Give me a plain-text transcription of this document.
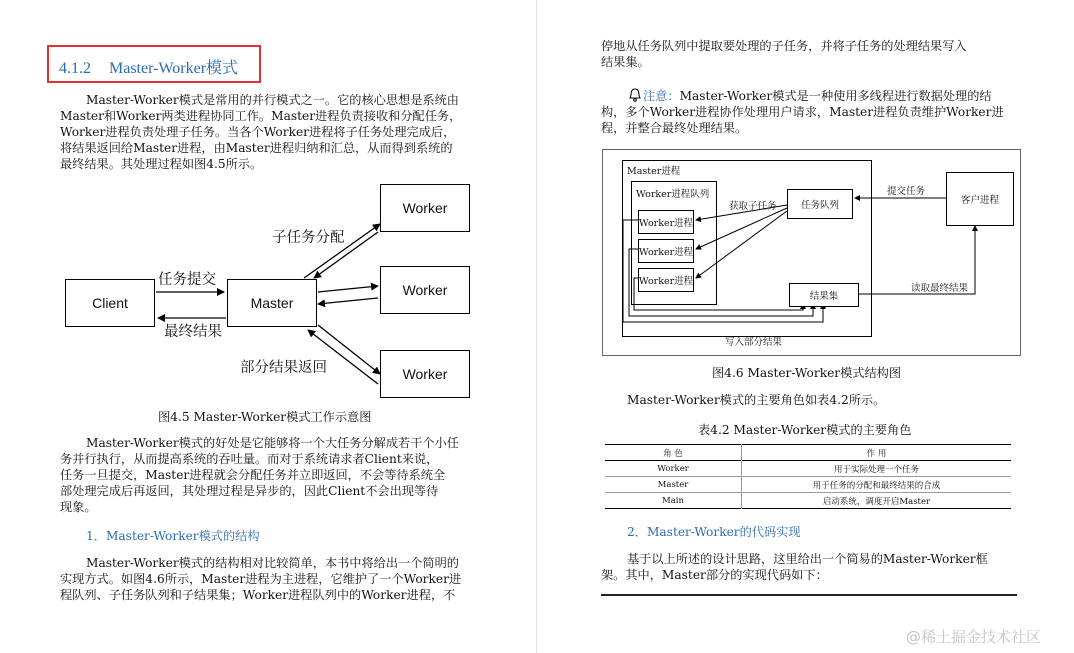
4.1.2 Master-Worker模式
Master-Worker模式是常用的并行模式之一。它的核心思想是系统由
Master和Worker两类进程协同工作。Master进程负责接收和分配任务，
Worker进程负责处理子任务。当各个Worker进程将子任务处理完成后，
将结果返回给Master进程，由Master进程归纳和汇总，从而得到系统的
最终结果。其处理过程如图4.5所示。
Client	Master
Worker
Worker
Worker
任务提交
最终结果
子任务分配
部分结果返回
图4.5 Master-Worker模式工作示意图
Master-Worker模式的好处是它能够将一个大任务分解成若干个小任
务并行执行，从而提高系统的吞吐量。而对于系统请求者Client来说，
任务一旦提交，Master进程就会分配任务并立即返回，不会等待系统全
部处理完成后再返回，其处理过程是异步的，因此Client不会出现等待
现象。
1．Master-Worker模式的结构
Master-Worker模式的结构相对比较简单，本书中将给出一个简明的
实现方式。如图4.6所示，Master进程为主进程，它维护了一个Worker进
程队列、子任务队列和子结果集；Worker进程队列中的Worker进程，不
停地从任务队列中提取要处理的子任务，并将子任务的处理结果写入
结果集。
注意：Master-Worker模式是一种使用多线程进行数据处理的结
构，多个Worker进程协作处理用户请求，Master进程负责维护Worker进
程，并整合最终处理结果。
Master进程
Worker进程队列
Worker进程
Worker进程
Worker进程
获取子任务	任务队列
提交任务
客户进程
结果集
读取最终结果
写入部分结果
图4.6 Master-Worker模式结构图
Master-Worker模式的主要角色如表4.2所示。
表4.2 Master-Worker模式的主要角色
角 色	作 用
Worker	用于实际处理一个任务
Master	用于任务的分配和最终结果的合成
Main	启动系统，调度开启Master
2．Master-Worker的代码实现
基于以上所述的设计思路，这里给出一个简易的Master-Worker框
架。其中，Master部分的实现代码如下：
@稀土掘金技术社区
